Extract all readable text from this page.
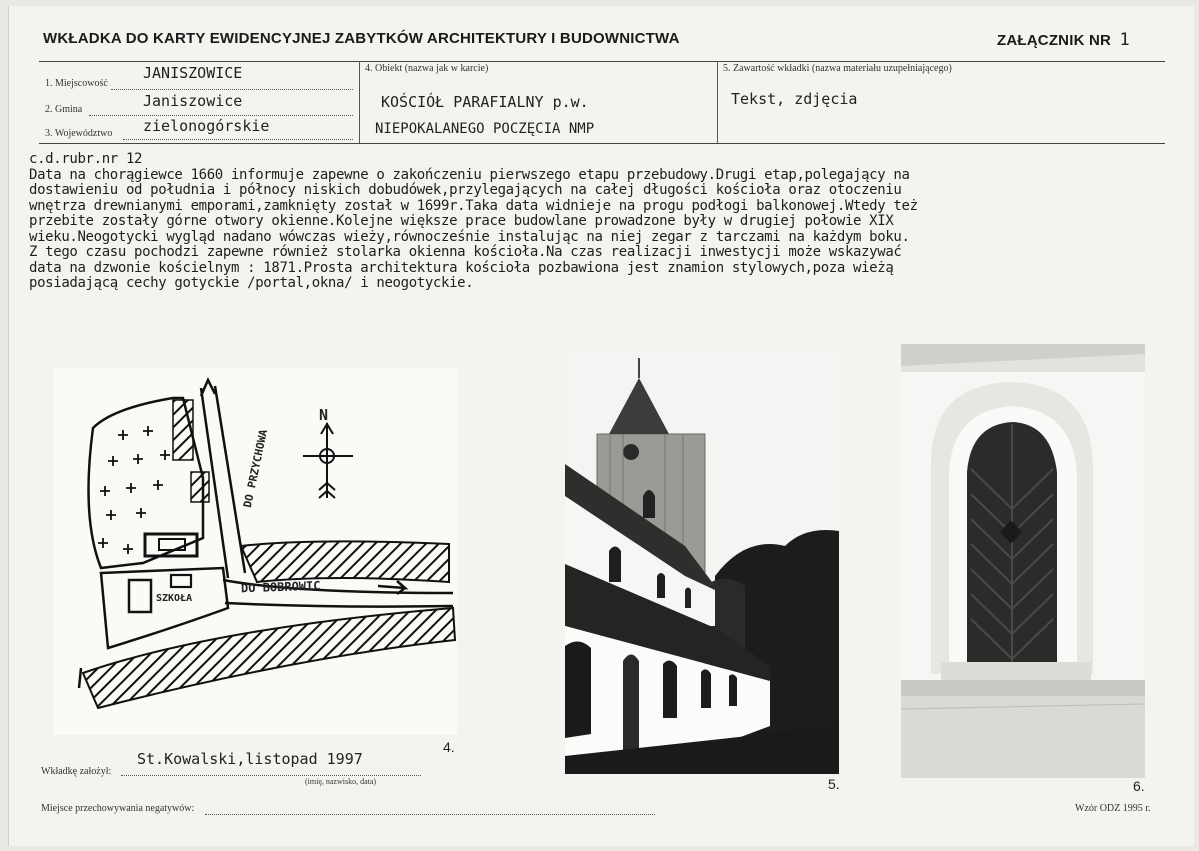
WKŁADKA DO KARTY EWIDENCYJNEJ ZABYTKÓW ARCHITEKTURY I BUDOWNICTWA	ZAŁĄCZNIK NR 1
1. Miejscowość
JANISZOWICE
2. Gmina	Janiszowice
3. Województwo zielonogórskie
4. Obiekt (nazwa jak w karcie)
KOŚCIÓŁ PARAFIALNY p.w.
NIEPOKALANEGO POCZĘCIA NMP
5. Zawartość wkładki (nazwa materiału uzupełniającego)
Tekst, zdjęcia
c.d.rubr.nr 12
Data na chorągiewce 1660 informuje zapewne o zakończeniu pierwszego etapu przebudowy.Drugi etap,polegający na
dostawieniu od południa i północy niskich dobudówek,przylegających na całej długości kościoła oraz otoczeniu
wnętrza drewnianymi emporami,zamknięty został w 1699r.Taka data widnieje na progu podłogi balkonowej.Wtedy też
przebite zostały górne otwory okienne.Kolejne większe prace budowlane prowadzone były w drugiej połowie XIX
wieku.Neogotycki wygląd nadano wówczas wieży,równocześnie instalując na niej zegar z tarczami na każdym boku.
Z tego czasu pochodzi zapewne również stolarka okienna kościoła.Na czas realizacji inwestycji może wskazywać
data na dzwonie kościelnym : 1871.Prosta architektura kościoła pozbawiona jest znamion stylowych,poza wieżą
posiadającą cechy gotyckie /portal,okna/ i neogotyckie.
N
DO PRZYCHOWA
DO BOBROWIC
SZKOŁA
4.
5.	6.
Wkładkę założył:
St.Kowalski,listopad 1997
(imię, nazwisko, data)
Miejsce przechowywania negatywów:	Wzór ODZ 1995 r.
